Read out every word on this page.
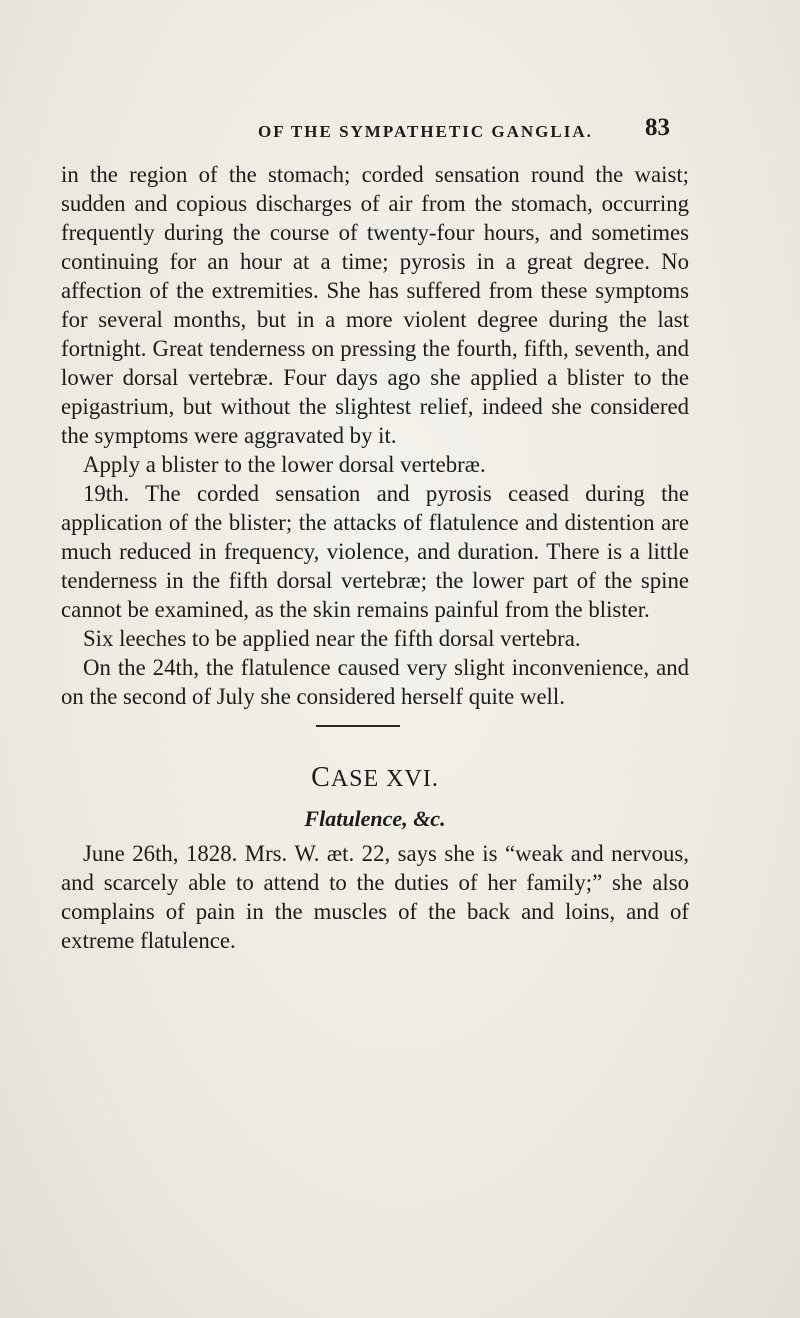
OF THE SYMPATHETIC GANGLIA. 83

in the region of the stomach; corded sensation round the waist; sudden and copious discharges of air from the stomach, occurring frequently during the course of twenty-four hours, and sometimes continuing for an hour at a time; pyrosis in a great degree. No affection of the extremities. She has suffered from these symptoms for several months, but in a more violent degree during the last fortnight. Great tenderness on pressing the fourth, fifth, seventh, and lower dorsal vertebræ. Four days ago she applied a blister to the epigastrium, but without the slightest relief, indeed she considered the symptoms were aggravated by it.

Apply a blister to the lower dorsal vertebræ.

19th. The corded sensation and pyrosis ceased during the application of the blister; the attacks of flatulence and distention are much reduced in frequency, violence, and duration. There is a little tenderness in the fifth dorsal vertebræ; the lower part of the spine cannot be examined, as the skin remains painful from the blister.

Six leeches to be applied near the fifth dorsal vertebra.

On the 24th, the flatulence caused very slight inconvenience, and on the second of July she considered herself quite well.

CASE XVI.
Flatulence, &c.

June 26th, 1828. Mrs. W. æt. 22, says she is “weak and nervous, and scarcely able to attend to the duties of her family;” she also complains of pain in the muscles of the back and loins, and of extreme flatulence.
